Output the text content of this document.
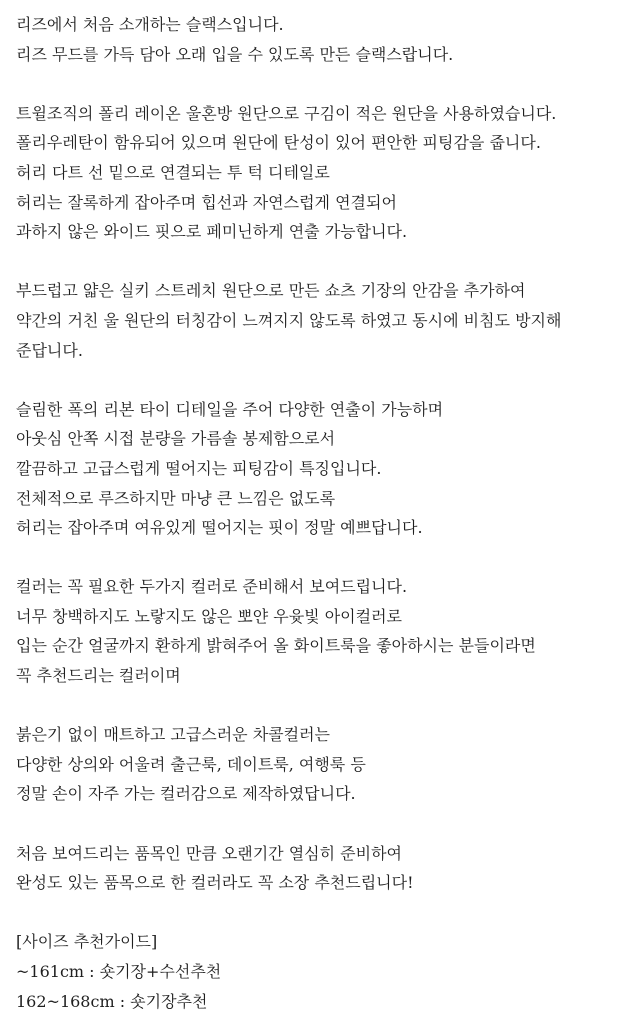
리즈에서 처음 소개하는 슬랙스입니다.
리즈 무드를 가득 담아 오래 입을 수 있도록 만든 슬랙스랍니다.
트윌조직의 폴리 레이온 울혼방 원단으로 구김이 적은 원단을 사용하였습니다.
폴리우레탄이 함유되어 있으며 원단에 탄성이 있어 편안한 피팅감을 줍니다.
허리 다트 선 밑으로 연결되는 투 턱 디테일로
허리는 잘록하게 잡아주며 힙선과 자연스럽게 연결되어
과하지 않은 와이드 핏으로 페미닌하게 연출 가능합니다.
부드럽고 얇은 실키 스트레치 원단으로 만든 쇼츠 기장의 안감을 추가하여
약간의 거친 울 원단의 터칭감이 느껴지지 않도록 하였고 동시에 비침도 방지해
준답니다.
슬림한 폭의 리본 타이 디테일을 주어 다양한 연출이 가능하며
아웃심 안쪽 시접 분량을 가름솔 봉제함으로서
깔끔하고 고급스럽게 떨어지는 피팅감이 특징입니다.
전체적으로 루즈하지만 마냥 큰 느낌은 없도록
허리는 잡아주며 여유있게 떨어지는 핏이 정말 예쁘답니다.
컬러는 꼭 필요한 두가지 컬러로 준비해서 보여드립니다.
너무 창백하지도 노랗지도 않은 뽀얀 우윳빛 아이컬러로
입는 순간 얼굴까지 환하게 밝혀주어 올 화이트룩을 좋아하시는 분들이라면
꼭 추천드리는 컬러이며
붉은기 없이 매트하고 고급스러운 차콜컬러는
다양한 상의와 어울려 출근룩, 데이트룩, 여행룩 등
정말 손이 자주 가는 컬러감으로 제작하였답니다.
처음 보여드리는 품목인 만큼 오랜기간 열심히 준비하여
완성도 있는 품목으로 한 컬러라도 꼭 소장 추천드립니다!
[사이즈 추천가이드]
~161cm : 숏기장+수선추천
162~168cm : 숏기장추천
